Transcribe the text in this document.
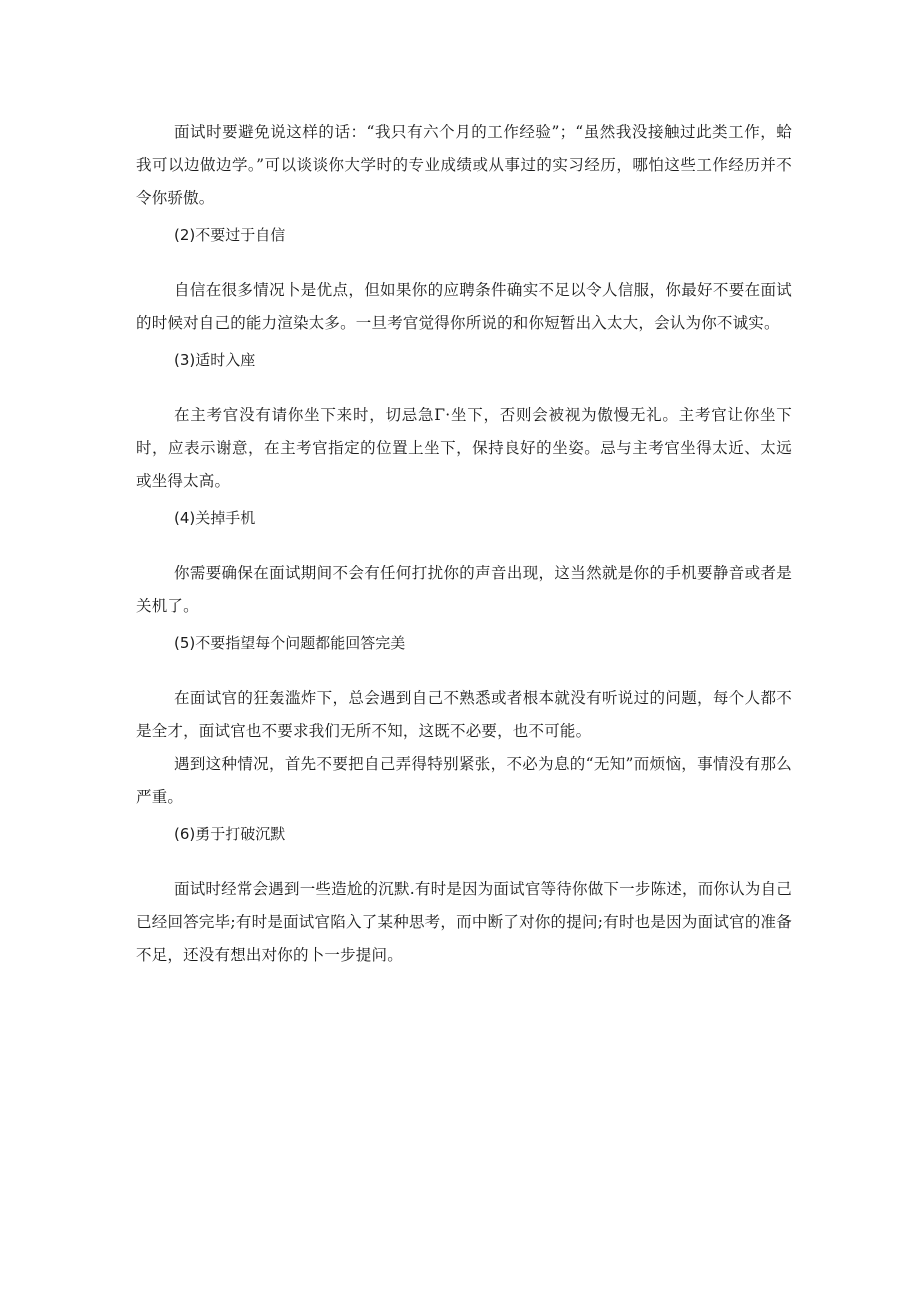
面试时要避免说这样的话：“我只有六个月的工作经验”；“虽然我没接触过此类工作，蛤我可以边做边学。”可以谈谈你大学时的专业成绩或从事过的实习经历，哪怕这些工作经历并不令你骄傲。

(2)不要过于自信

自信在很多情况卜是优点，但如果你的应聘条件确实不足以令人信服，你最好不要在面试的时候对自己的能力渲染太多。一旦考官觉得你所说的和你短暂出入太大，会认为你不诚实。

(3)适时入座

在主考官没有请你坐下来时，切忌急Γ·坐下，否则会被视为傲慢无礼。主考官让你坐下时，应表示谢意，在主考官指定的位置上坐下，保持良好的坐姿。忌与主考官坐得太近、太远或坐得太高。

(4)关掉手机

你需要确保在面试期间不会有任何打扰你的声音出现，这当然就是你的手机要静音或者是关机了。

(5)不要指望每个问题都能回答完美

在面试官的狂轰滥炸下，总会遇到自己不熟悉或者根本就没有听说过的问题，每个人都不是全才，面试官也不要求我们无所不知，这既不必要，也不可能。

遇到这种情况，首先不要把自己弄得特别紧张，不必为息的“无知”而烦恼，事情没有那么严重。

(6)勇于打破沉默

面试时经常会遇到一些造尬的沉默.有时是因为面试官等待你做下一步陈述，而你认为自己已经回答完毕;有时是面试官陷入了某种思考，而中断了对你的提问;有时也是因为面试官的准备不足，还没有想出对你的卜一步提问。
